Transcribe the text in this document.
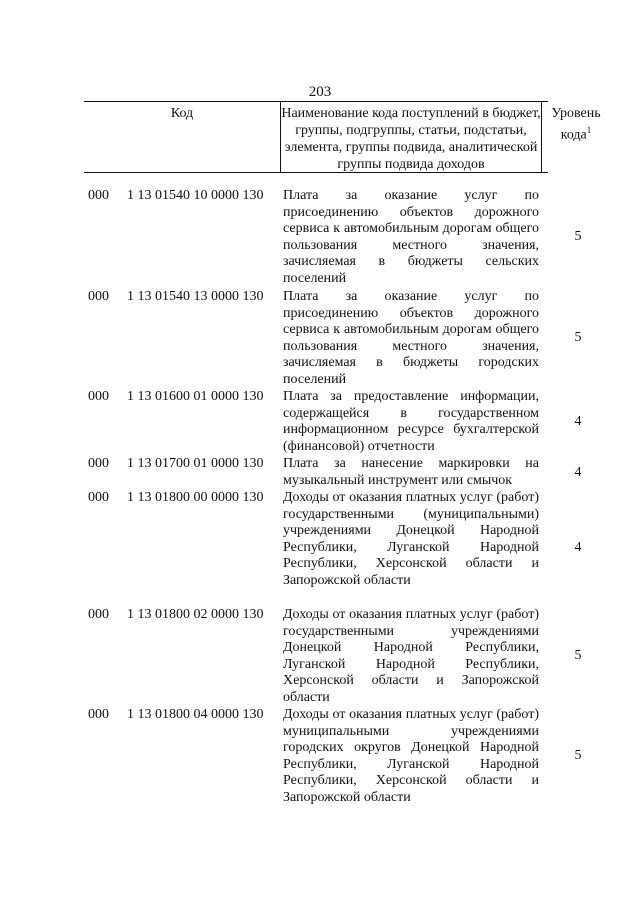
203
Код	Наименование кода поступлений в бюджет, группы, подгруппы, статьи, подстатьи, элемента, группы подвида, аналитической группы подвида доходов
Уровень кода$^1$
000 1 13 01540 10 0000 130 Плата за оказание услуг по присоединению объектов дорожного сервиса к автомобильным дорогам общего пользования местного значения, зачисляемая в бюджеты сельских поселений
5
000 1 13 01540 13 0000 130 Плата за оказание услуг по присоединению объектов дорожного сервиса к автомобильным дорогам общего пользования местного значения, зачисляемая в бюджеты городских поселений
5
000 1 13 01600 01 0000 130 Плата за предоставление информации, содержащейся в государственном информационном ресурсе бухгалтерской (финансовой) отчетности
4
000 1 13 01700 01 0000 130 Плата за нанесение маркировки на музыкальный инструмент или смычок	4
000 1 13 01800 00 0000 130 Доходы от оказания платных услуг (работ) государственными (муниципальными) учреждениями Донецкой Народной Республики, Луганской Народной Республики, Херсонской области и Запорожской области
4
000 1 13 01800 02 0000 130 Доходы от оказания платных услуг (работ) государственными учреждениями Донецкой Народной Республики, Луганской Народной Республики, Херсонской области и Запорожской области
5
000 1 13 01800 04 0000 130 Доходы от оказания платных услуг (работ) муниципальными учреждениями городских округов Донецкой Народной Республики, Луганской Народной Республики, Херсонской области и Запорожской области
5
